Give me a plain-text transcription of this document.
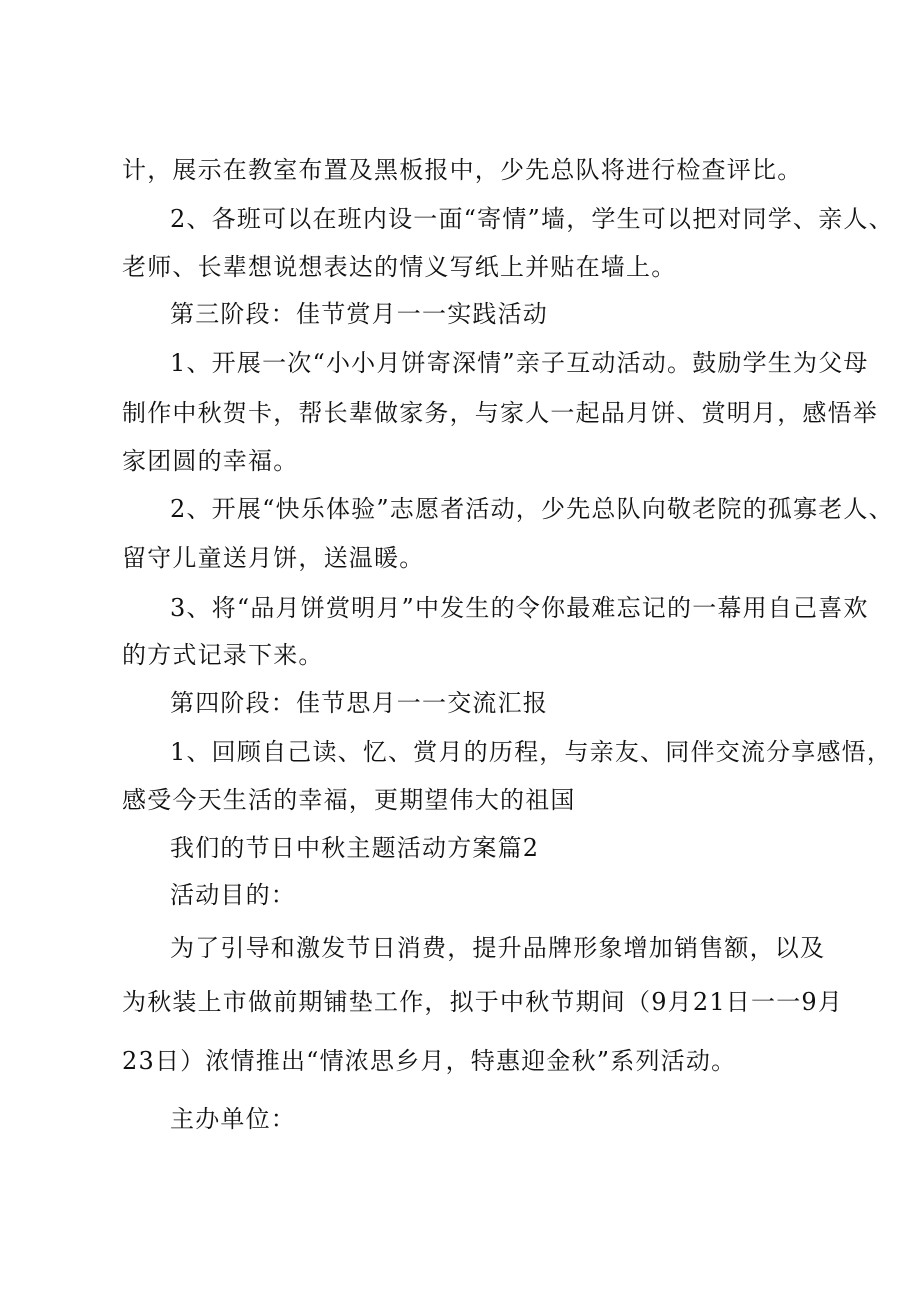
计，展示在教室布置及黑板报中，少先总队将进行检查评比。
2、各班可以在班内设一面“寄情”墙，学生可以把对同学、亲人、
老师、长辈想说想表达的情义写纸上并贴在墙上。
第三阶段：佳节赏月一一实践活动
1、开展一次“小小月饼寄深情”亲子互动活动。鼓励学生为父母
制作中秋贺卡，帮长辈做家务，与家人一起品月饼、赏明月，感悟举
家团圆的幸福。
2、开展“快乐体验”志愿者活动，少先总队向敬老院的孤寡老人、
留守儿童送月饼，送温暖。
3、将“品月饼赏明月”中发生的令你最难忘记的一幕用自己喜欢
的方式记录下来。
第四阶段：佳节思月一一交流汇报
1、回顾自己读、忆、赏月的历程，与亲友、同伴交流分享感悟，
感受今天生活的幸福，更期望伟大的祖国
我们的节日中秋主题活动方案篇2
活动目的：
为了引导和激发节日消费，提升品牌形象增加销售额，以及
为秋装上市做前期铺垫工作，拟于中秋节期间（9月21日一一9月
23日）浓情推出“情浓思乡月，特惠迎金秋”系列活动。
主办单位：
